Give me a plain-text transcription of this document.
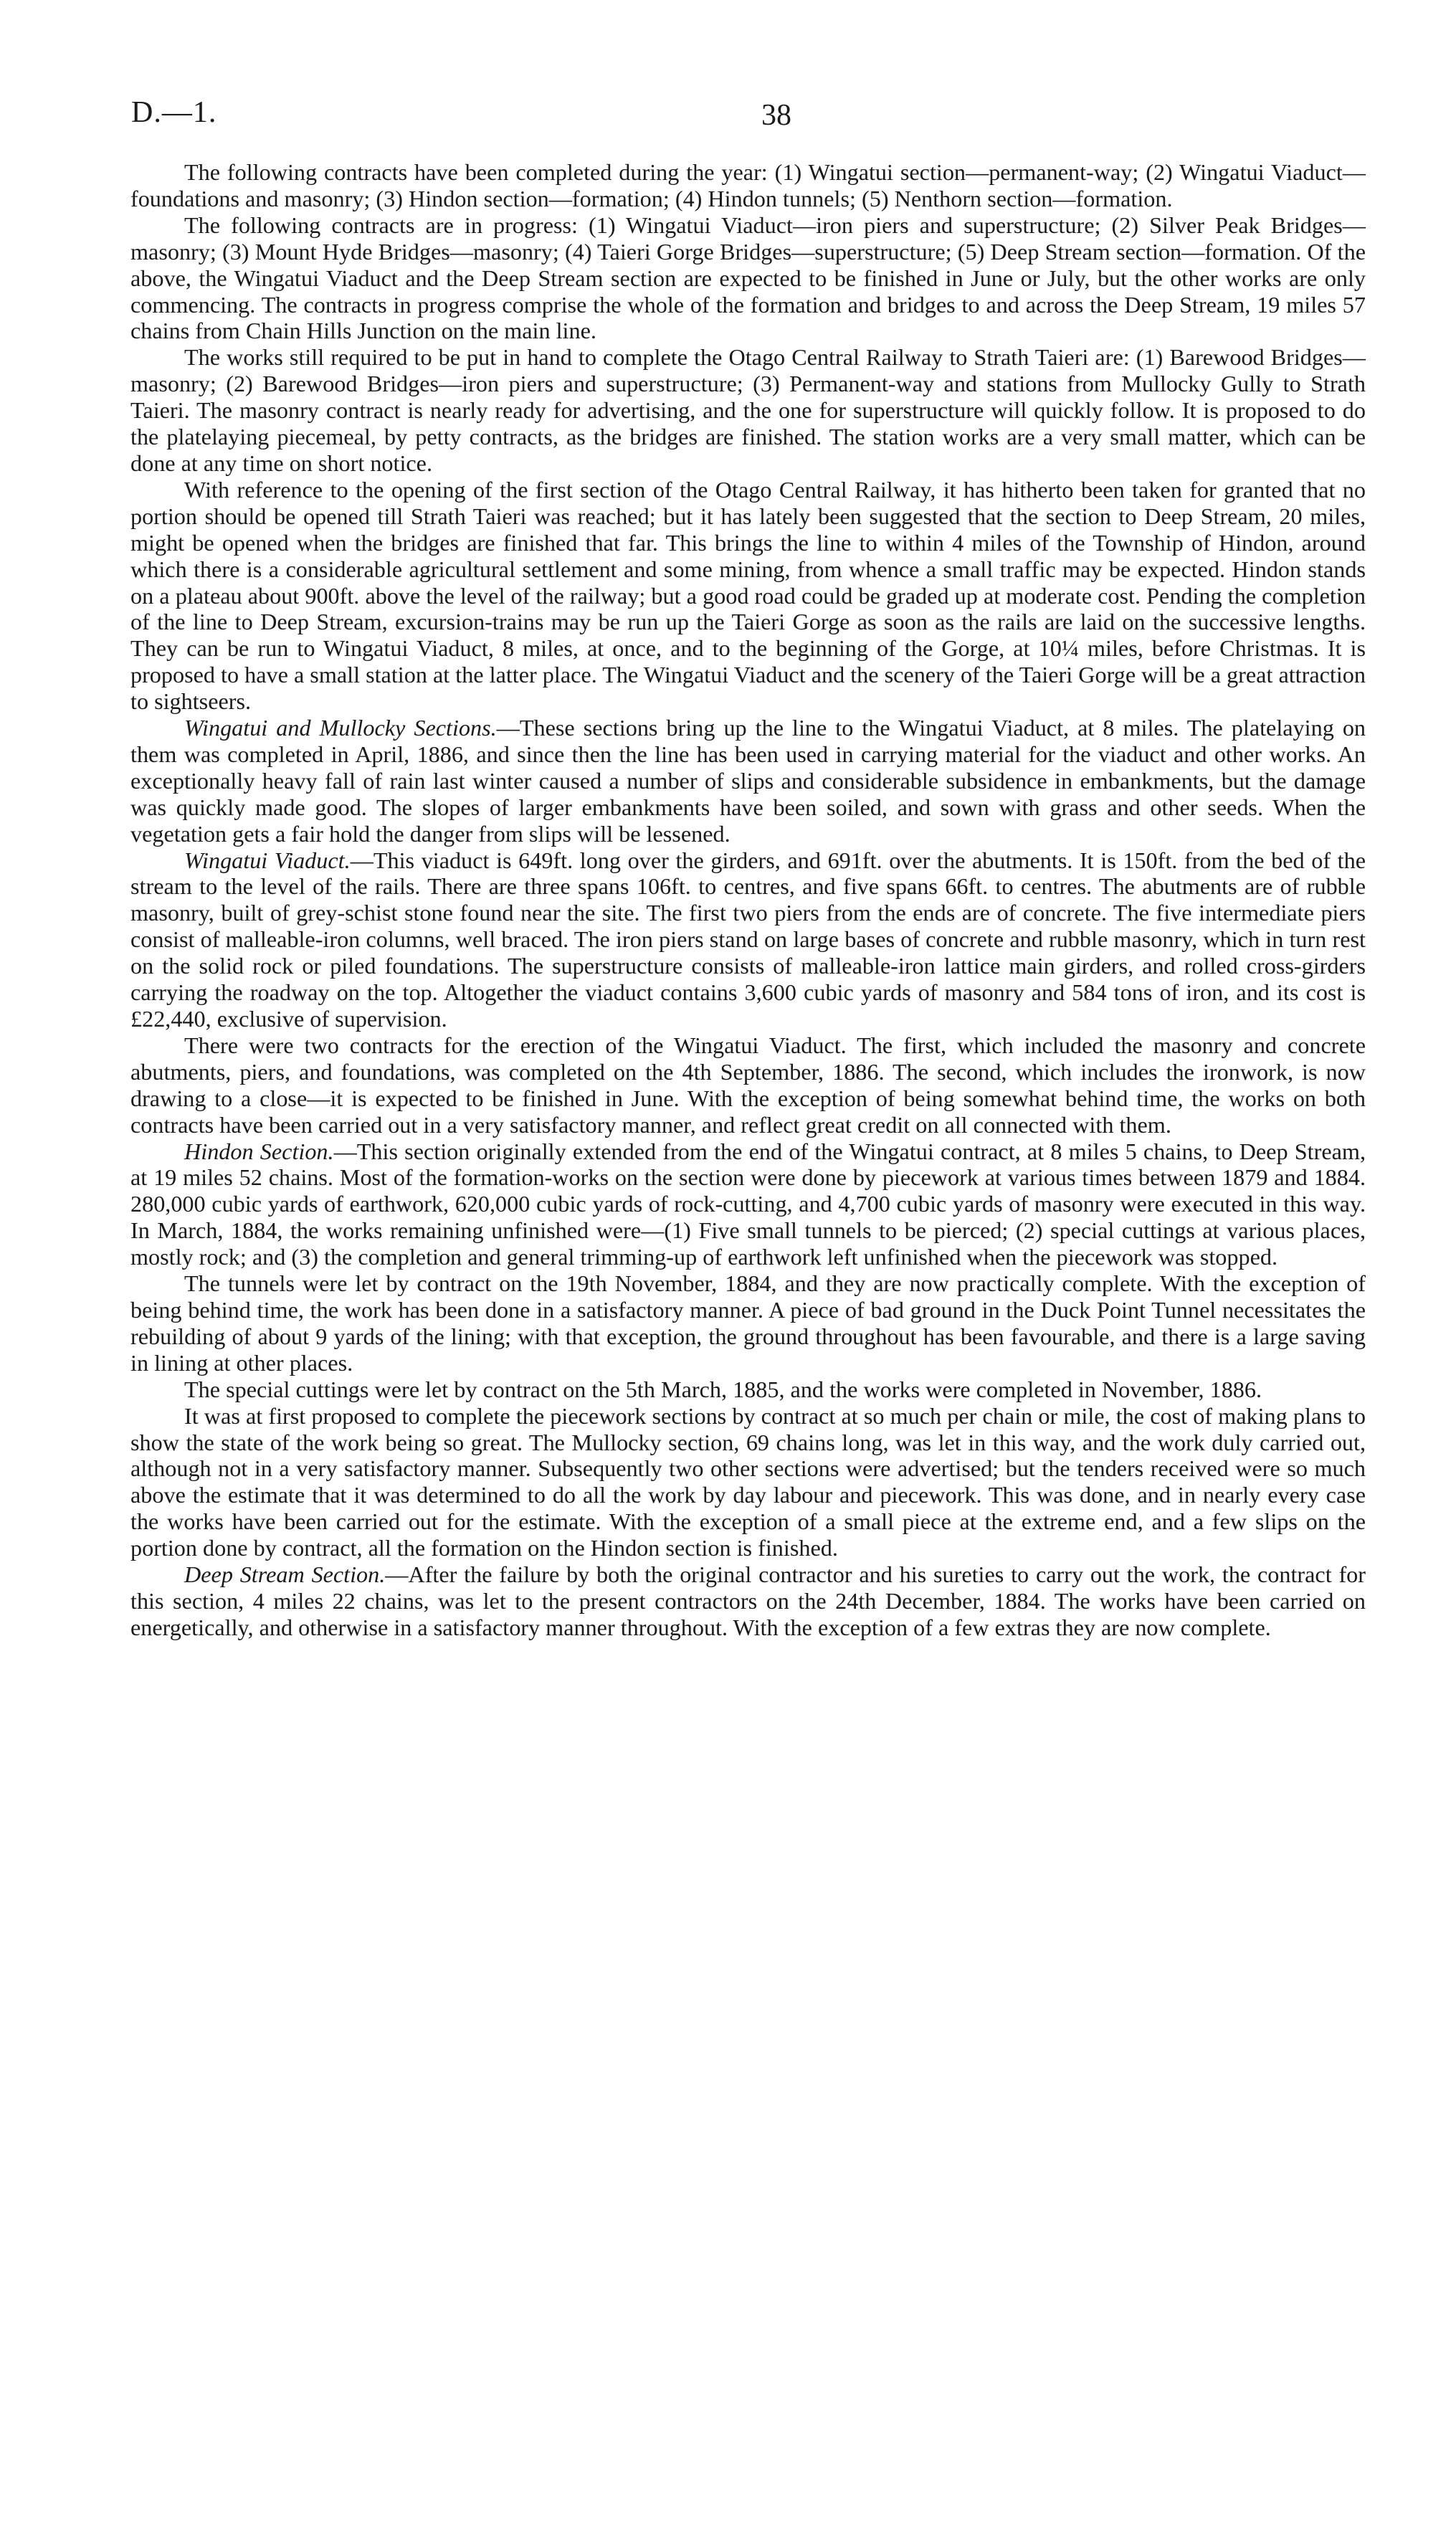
D.—1.	38

The following contracts have been completed during the year: (1) Wingatui section—permanent-way; (2) Wingatui Viaduct—foundations and masonry; (3) Hindon section—formation; (4) Hindon tunnels; (5) Nenthorn section—formation.

The following contracts are in progress: (1) Wingatui Viaduct—iron piers and superstructure; (2) Silver Peak Bridges—masonry; (3) Mount Hyde Bridges—masonry; (4) Taieri Gorge Bridges—superstructure; (5) Deep Stream section—formation. Of the above, the Wingatui Viaduct and the Deep Stream section are expected to be finished in June or July, but the other works are only commencing. The contracts in progress comprise the whole of the formation and bridges to and across the Deep Stream, 19 miles 57 chains from Chain Hills Junction on the main line.

The works still required to be put in hand to complete the Otago Central Railway to Strath Taieri are: (1) Barewood Bridges—masonry; (2) Barewood Bridges—iron piers and superstructure; (3) Permanent-way and stations from Mullocky Gully to Strath Taieri. The masonry contract is nearly ready for advertising, and the one for superstructure will quickly follow. It is proposed to do the platelaying piecemeal, by petty contracts, as the bridges are finished. The station works are a very small matter, which can be done at any time on short notice.

With reference to the opening of the first section of the Otago Central Railway, it has hitherto been taken for granted that no portion should be opened till Strath Taieri was reached; but it has lately been suggested that the section to Deep Stream, 20 miles, might be opened when the bridges are finished that far. This brings the line to within 4 miles of the Township of Hindon, around which there is a considerable agricultural settlement and some mining, from whence a small traffic may be expected. Hindon stands on a plateau about 900ft. above the level of the railway; but a good road could be graded up at moderate cost. Pending the completion of the line to Deep Stream, excursion-trains may be run up the Taieri Gorge as soon as the rails are laid on the successive lengths. They can be run to Wingatui Viaduct, 8 miles, at once, and to the beginning of the Gorge, at 10¼ miles, before Christmas. It is proposed to have a small station at the latter place. The Wingatui Viaduct and the scenery of the Taieri Gorge will be a great attraction to sightseers.

Wingatui and Mullocky Sections.—These sections bring up the line to the Wingatui Viaduct, at 8 miles. The platelaying on them was completed in April, 1886, and since then the line has been used in carrying material for the viaduct and other works. An exceptionally heavy fall of rain last winter caused a number of slips and considerable subsidence in embankments, but the damage was quickly made good. The slopes of larger embankments have been soiled, and sown with grass and other seeds. When the vegetation gets a fair hold the danger from slips will be lessened.

Wingatui Viaduct.—This viaduct is 649ft. long over the girders, and 691ft. over the abutments. It is 150ft. from the bed of the stream to the level of the rails. There are three spans 106ft. to centres, and five spans 66ft. to centres. The abutments are of rubble masonry, built of grey-schist stone found near the site. The first two piers from the ends are of concrete. The five intermediate piers consist of malleable-iron columns, well braced. The iron piers stand on large bases of concrete and rubble masonry, which in turn rest on the solid rock or piled foundations. The superstructure consists of malleable-iron lattice main girders, and rolled cross-girders carrying the roadway on the top. Altogether the viaduct contains 3,600 cubic yards of masonry and 584 tons of iron, and its cost is £22,440, exclusive of supervision.

There were two contracts for the erection of the Wingatui Viaduct. The first, which included the masonry and concrete abutments, piers, and foundations, was completed on the 4th September, 1886. The second, which includes the ironwork, is now drawing to a close—it is expected to be finished in June. With the exception of being somewhat behind time, the works on both contracts have been carried out in a very satisfactory manner, and reflect great credit on all connected with them.

Hindon Section.—This section originally extended from the end of the Wingatui contract, at 8 miles 5 chains, to Deep Stream, at 19 miles 52 chains. Most of the formation-works on the section were done by piecework at various times between 1879 and 1884. 280,000 cubic yards of earthwork, 620,000 cubic yards of rock-cutting, and 4,700 cubic yards of masonry were executed in this way. In March, 1884, the works remaining unfinished were—(1) Five small tunnels to be pierced; (2) special cuttings at various places, mostly rock; and (3) the completion and general trimming-up of earthwork left unfinished when the piecework was stopped.

The tunnels were let by contract on the 19th November, 1884, and they are now practically complete. With the exception of being behind time, the work has been done in a satisfactory manner. A piece of bad ground in the Duck Point Tunnel necessitates the rebuilding of about 9 yards of the lining; with that exception, the ground throughout has been favourable, and there is a large saving in lining at other places.

The special cuttings were let by contract on the 5th March, 1885, and the works were completed in November, 1886.

It was at first proposed to complete the piecework sections by contract at so much per chain or mile, the cost of making plans to show the state of the work being so great. The Mullocky section, 69 chains long, was let in this way, and the work duly carried out, although not in a very satisfactory manner. Subsequently two other sections were advertised; but the tenders received were so much above the estimate that it was determined to do all the work by day labour and piecework. This was done, and in nearly every case the works have been carried out for the estimate. With the exception of a small piece at the extreme end, and a few slips on the portion done by contract, all the formation on the Hindon section is finished.

Deep Stream Section.—After the failure by both the original contractor and his sureties to carry out the work, the contract for this section, 4 miles 22 chains, was let to the present contractors on the 24th December, 1884. The works have been carried on energetically, and otherwise in a satisfactory manner throughout. With the exception of a few extras they are now complete.
